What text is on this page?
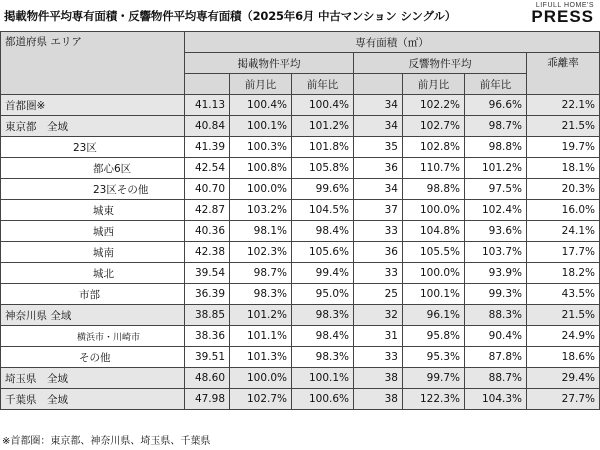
掲載物件平均専有面積・反響物件平均専有面積（2025年6月 中古マンション シングル）
LIFULL HOME'S
PRESS
都道府県 エリア	専有面積（㎡）						
	掲載物件平均			反響物件平均			乖離率
		前月比	前年比		前月比	前年比	
首都圏※	41.13	100.4%	100.4%	34	102.2%	96.6%	22.1%
東京都　全域	40.84	100.1%	101.2%	34	102.7%	98.7%	21.5%
23区	41.39	100.3%	101.8%	35	102.8%	98.8%	19.7%
都心6区	42.54	100.8%	105.8%	36	110.7%	101.2%	18.1%
23区その他	40.70	100.0%	99.6%	34	98.8%	97.5%	20.3%
城東	42.87	103.2%	104.5%	37	100.0%	102.4%	16.0%
城西	40.36	98.1%	98.4%	33	104.8%	93.6%	24.1%
城南	42.38	102.3%	105.6%	36	105.5%	103.7%	17.7%
城北	39.54	98.7%	99.4%	33	100.0%	93.9%	18.2%
市部	36.39	98.3%	95.0%	25	100.1%	99.3%	43.5%
神奈川県 全域	38.85	101.2%	98.3%	32	96.1%	88.3%	21.5%
横浜市・川崎市	38.36	101.1%	98.4%	31	95.8%	90.4%	24.9%
その他	39.51	101.3%	98.3%	33	95.3%	87.8%	18.6%
埼玉県　全域	48.60	100.0%	100.1%	38	99.7%	88.7%	29.4%
千葉県　全域	47.98	102.7%	100.6%	38	122.3%	104.3%	27.7%
※首都圏：東京都、神奈川県、埼玉県、千葉県
